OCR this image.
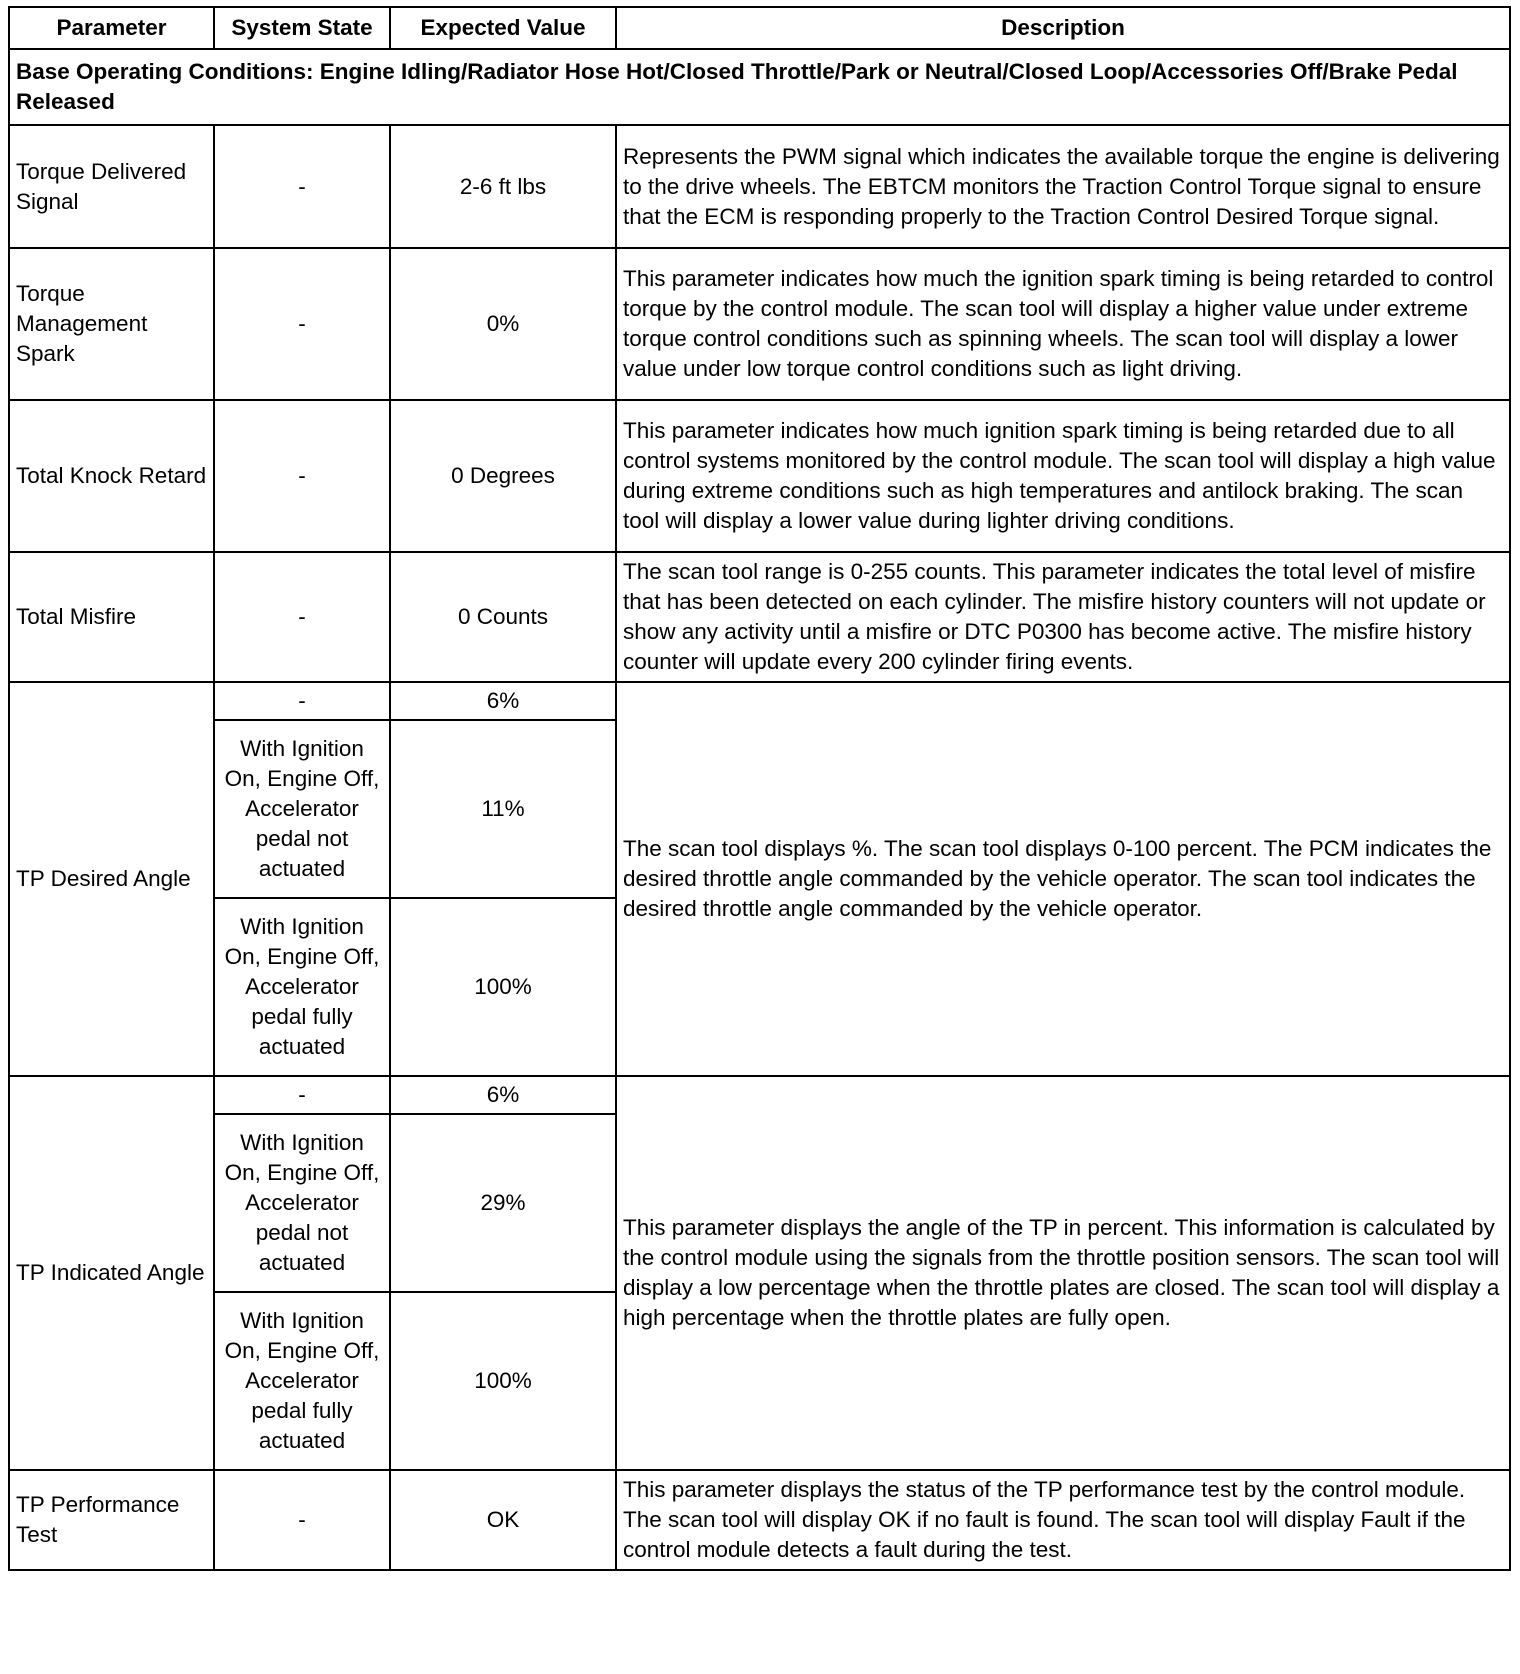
Parameter	System State	Expected Value	Description
Base Operating Conditions: Engine Idling/Radiator Hose Hot/Closed Throttle/Park or Neutral/Closed Loop/Accessories Off/Brake Pedal Released			
Torque Delivered Signal	-	2-6 ft lbs	Represents the PWM signal which indicates the available torque the engine is delivering to the drive wheels. The EBTCM monitors the Traction Control Torque signal to ensure that the ECM is responding properly to the Traction Control Desired Torque signal.
Torque Management Spark	-	0%	This parameter indicates how much the ignition spark timing is being retarded to control torque by the control module. The scan tool will display a higher value under extreme torque control conditions such as spinning wheels. The scan tool will display a lower value under low torque control conditions such as light driving.
Total Knock Retard	-	0 Degrees	This parameter indicates how much ignition spark timing is being retarded due to all control systems monitored by the control module. The scan tool will display a high value during extreme conditions such as high temperatures and antilock braking. The scan tool will display a lower value during lighter driving conditions.
Total Misfire	-	0 Counts	The scan tool range is 0-255 counts. This parameter indicates the total level of misfire that has been detected on each cylinder. The misfire history counters will not update or show any activity until a misfire or DTC P0300 has become active. The misfire history counter will update every 200 cylinder firing events.
TP Desired Angle	-	6%	The scan tool displays %. The scan tool displays 0-100 percent. The PCM indicates the desired throttle angle commanded by the vehicle operator. The scan tool indicates the desired throttle angle commanded by the vehicle operator.
	With Ignition On, Engine Off, Accelerator pedal not actuated	11%	
	With Ignition On, Engine Off, Accelerator pedal fully actuated	100%	
TP Indicated Angle	-	6%	This parameter displays the angle of the TP in percent. This information is calculated by the control module using the signals from the throttle position sensors. The scan tool will display a low percentage when the throttle plates are closed. The scan tool will display a high percentage when the throttle plates are fully open.
	With Ignition On, Engine Off, Accelerator pedal not actuated	29%	
	With Ignition On, Engine Off, Accelerator pedal fully actuated	100%	
TP Performance Test	-	OK	This parameter displays the status of the TP performance test by the control module. The scan tool will display OK if no fault is found. The scan tool will display Fault if the control module detects a fault during the test.
